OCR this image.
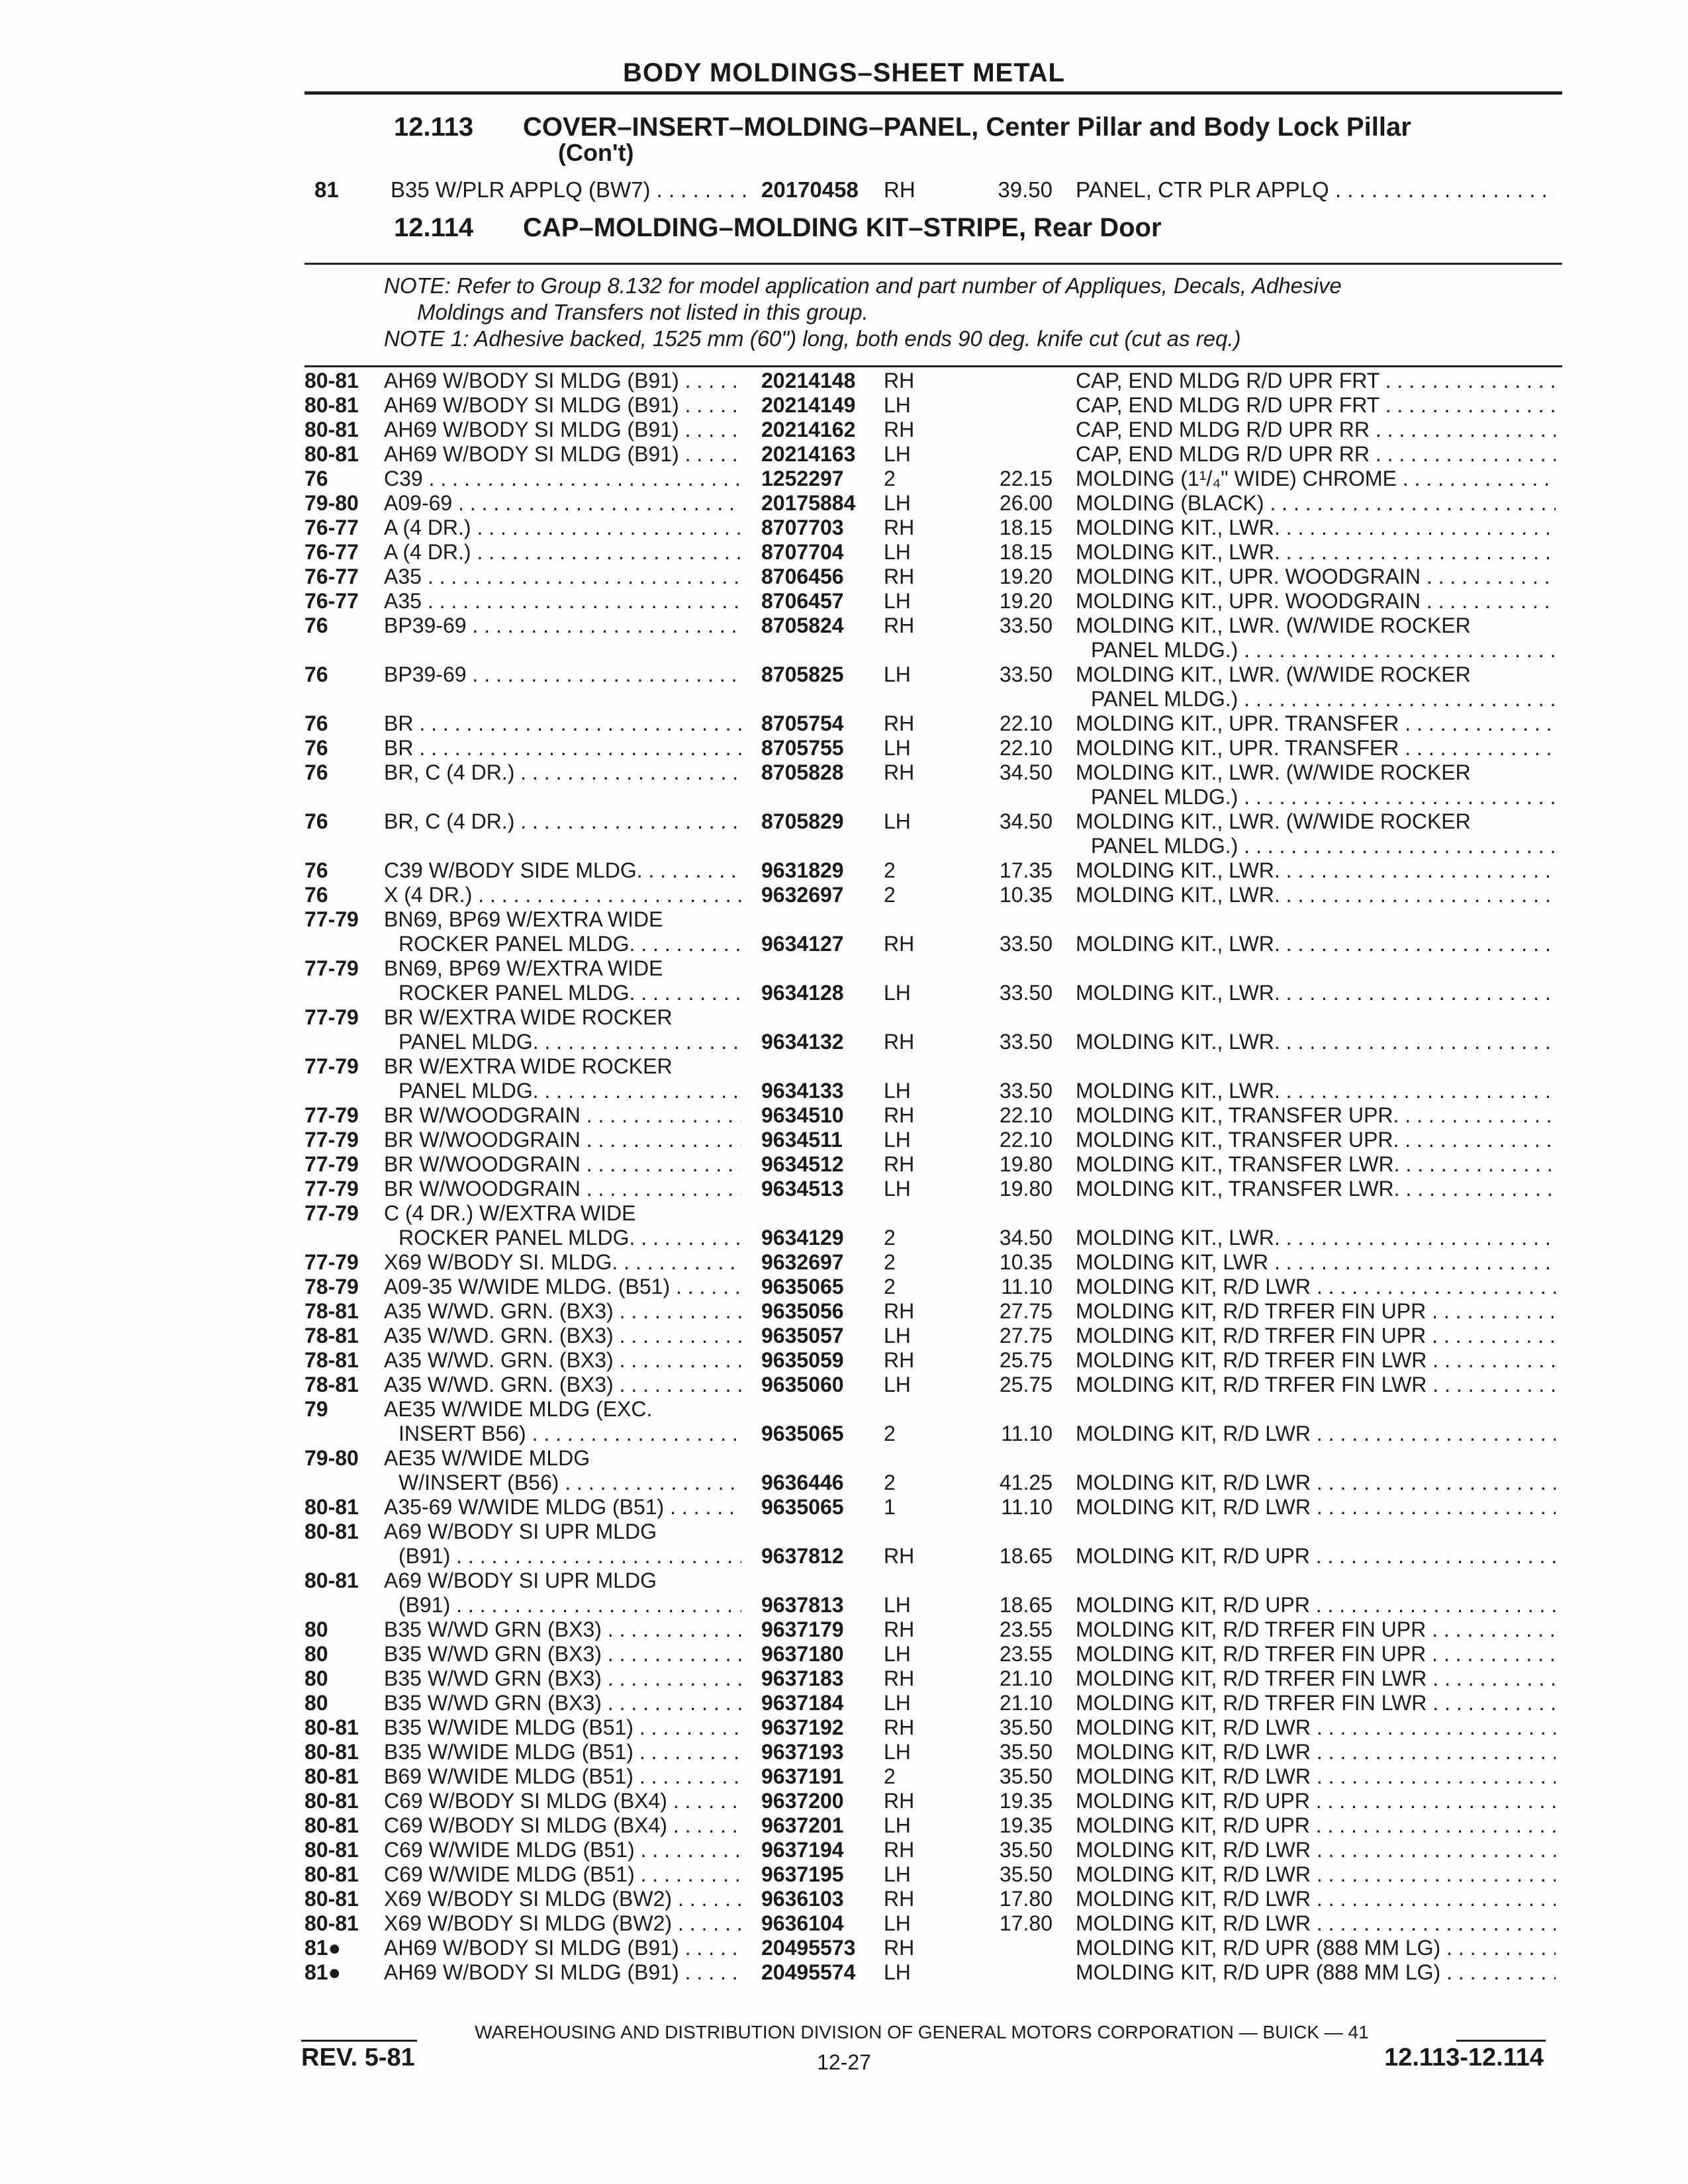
BODY MOLDINGS–SHEET METAL
12.113 COVER–INSERT–MOLDING–PANEL, Center Pillar and Body Lock Pillar
(Con't)
81 B35 W/PLR APPLQ (BW7) . . .	20170458 RH	39.50 PANEL, CTR PLR APPLQ . . .
12.114 CAP–MOLDING–MOLDING KIT–STRIPE, Rear Door
NOTE: Refer to Group 8.132 for model application and part number of Appliques, Decals, Adhesive
Moldings and Transfers not listed in this group.
NOTE 1: Adhesive backed, 1525 mm (60") long, both ends 90 deg. knife cut (cut as req.)
80-81 AH69 W/BODY SI MLDG (B91) . . .	20214148 RH	CAP, END MLDG R/D UPR FRT . . .
80-81 AH69 W/BODY SI MLDG (B91) . . .	20214149 LH	CAP, END MLDG R/D UPR FRT . . .
80-81 AH69 W/BODY SI MLDG (B91) . . .	20214162 RH	CAP, END MLDG R/D UPR RR . . .
80-81 AH69 W/BODY SI MLDG (B91) . . .	20214163 LH	CAP, END MLDG R/D UPR RR . . .
76	C39 . . .	1252297 2	22.15 MOLDING (1¹/₄" WIDE) CHROME . . .
79-80 A09-69 . . .	20175884 LH	26.00 MOLDING (BLACK) . . .
76-77 A (4 DR.) . . .	8707703 RH	18.15 MOLDING KIT., LWR. . . .
76-77 A (4 DR.) . . .	8707704 LH	18.15 MOLDING KIT., LWR. . . .
76-77 A35 . . .	8706456 RH	19.20 MOLDING KIT., UPR. WOODGRAIN . . .
76-77 A35 . . .	8706457 LH	19.20 MOLDING KIT., UPR. WOODGRAIN . . .
76	BP39-69 . . .	8705824 RH	33.50 MOLDING KIT., LWR. (W/WIDE ROCKER
PANEL MLDG.) . . .
76	BP39-69 . . .	8705825 LH	33.50 MOLDING KIT., LWR. (W/WIDE ROCKER
PANEL MLDG.) . . .
76	BR . . .	8705754 RH	22.10 MOLDING KIT., UPR. TRANSFER . . .
76	BR . . .	8705755 LH	22.10 MOLDING KIT., UPR. TRANSFER . . .
76	BR, C (4 DR.) . . .	8705828 RH	34.50 MOLDING KIT., LWR. (W/WIDE ROCKER
PANEL MLDG.) . . .
76	BR, C (4 DR.) . . .	8705829 LH	34.50 MOLDING KIT., LWR. (W/WIDE ROCKER
PANEL MLDG.) . . .
76	C39 W/BODY SIDE MLDG. . . .	9631829 2	17.35 MOLDING KIT., LWR. . . .
76	X (4 DR.) . . .	9632697 2	10.35 MOLDING KIT., LWR. . . .
77-79 BN69, BP69 W/EXTRA WIDE
ROCKER PANEL MLDG. . . .	9634127 RH	33.50 MOLDING KIT., LWR. . . .
77-79 BN69, BP69 W/EXTRA WIDE
ROCKER PANEL MLDG. . . .	9634128 LH	33.50 MOLDING KIT., LWR. . . .
77-79 BR W/EXTRA WIDE ROCKER
PANEL MLDG. . . .	9634132 RH	33.50 MOLDING KIT., LWR. . . .
77-79 BR W/EXTRA WIDE ROCKER
PANEL MLDG. . . .	9634133 LH	33.50 MOLDING KIT., LWR. . . .
77-79 BR W/WOODGRAIN . . .	9634510 RH	22.10 MOLDING KIT., TRANSFER UPR. . . .
77-79 BR W/WOODGRAIN . . .	9634511 LH	22.10 MOLDING KIT., TRANSFER UPR. . . .
77-79 BR W/WOODGRAIN . . .	9634512 RH	19.80 MOLDING KIT., TRANSFER LWR. . . .
77-79 BR W/WOODGRAIN . . .	9634513 LH	19.80 MOLDING KIT., TRANSFER LWR. . . .
77-79 C (4 DR.) W/EXTRA WIDE
ROCKER PANEL MLDG. . . .	9634129 2	34.50 MOLDING KIT., LWR. . . .
77-79 X69 W/BODY SI. MLDG. . . .	9632697 2	10.35 MOLDING KIT, LWR . . .
78-79 A09-35 W/WIDE MLDG. (B51) . . .	9635065 2	11.10 MOLDING KIT, R/D LWR . . .
78-81 A35 W/WD. GRN. (BX3) . . .	9635056 RH	27.75 MOLDING KIT, R/D TRFER FIN UPR . . .
78-81 A35 W/WD. GRN. (BX3) . . .	9635057 LH	27.75 MOLDING KIT, R/D TRFER FIN UPR . . .
78-81 A35 W/WD. GRN. (BX3) . . .	9635059 RH	25.75 MOLDING KIT, R/D TRFER FIN LWR . . .
78-81 A35 W/WD. GRN. (BX3) . . .	9635060 LH	25.75 MOLDING KIT, R/D TRFER FIN LWR . . .
79	AE35 W/WIDE MLDG (EXC.
INSERT B56) . . .	9635065 2	11.10 MOLDING KIT, R/D LWR . . .
79-80 AE35 W/WIDE MLDG
W/INSERT (B56) . . .	9636446 2	41.25 MOLDING KIT, R/D LWR . . .
80-81 A35-69 W/WIDE MLDG (B51) . . .	9635065 1	11.10 MOLDING KIT, R/D LWR . . .
80-81 A69 W/BODY SI UPR MLDG
(B91) . . .	9637812 RH	18.65 MOLDING KIT, R/D UPR . . .
80-81 A69 W/BODY SI UPR MLDG
(B91) . . .	9637813 LH	18.65 MOLDING KIT, R/D UPR . . .
80	B35 W/WD GRN (BX3) . . .	9637179 RH	23.55 MOLDING KIT, R/D TRFER FIN UPR . . .
80	B35 W/WD GRN (BX3) . . .	9637180 LH	23.55 MOLDING KIT, R/D TRFER FIN UPR . . .
80	B35 W/WD GRN (BX3) . . .	9637183 RH	21.10 MOLDING KIT, R/D TRFER FIN LWR . . .
80	B35 W/WD GRN (BX3) . . .	9637184 LH	21.10 MOLDING KIT, R/D TRFER FIN LWR . . .
80-81 B35 W/WIDE MLDG (B51) . . .	9637192 RH	35.50 MOLDING KIT, R/D LWR . . .
80-81 B35 W/WIDE MLDG (B51) . . .	9637193 LH	35.50 MOLDING KIT, R/D LWR . . .
80-81 B69 W/WIDE MLDG (B51) . . .	9637191 2	35.50 MOLDING KIT, R/D LWR . . .
80-81 C69 W/BODY SI MLDG (BX4) . . .	9637200 RH	19.35 MOLDING KIT, R/D UPR . . .
80-81 C69 W/BODY SI MLDG (BX4) . . .	9637201 LH	19.35 MOLDING KIT, R/D UPR . . .
80-81 C69 W/WIDE MLDG (B51) . . .	9637194 RH	35.50 MOLDING KIT, R/D LWR . . .
80-81 C69 W/WIDE MLDG (B51) . . .	9637195 LH	35.50 MOLDING KIT, R/D LWR . . .
80-81 X69 W/BODY SI MLDG (BW2) . . .	9636103 RH	17.80 MOLDING KIT, R/D LWR . . .
80-81 X69 W/BODY SI MLDG (BW2) . . .	9636104 LH	17.80 MOLDING KIT, R/D LWR . . .
81● AH69 W/BODY SI MLDG (B91) . . .	20495573 RH	MOLDING KIT, R/D UPR (888 MM LG) . . .
81● AH69 W/BODY SI MLDG (B91) . . .	20495574 LH	MOLDING KIT, R/D UPR (888 MM LG) . . .
WAREHOUSING AND DISTRIBUTION DIVISION OF GENERAL MOTORS CORPORATION — BUICK — 41
REV. 5-81	12-27	12.113-12.114
